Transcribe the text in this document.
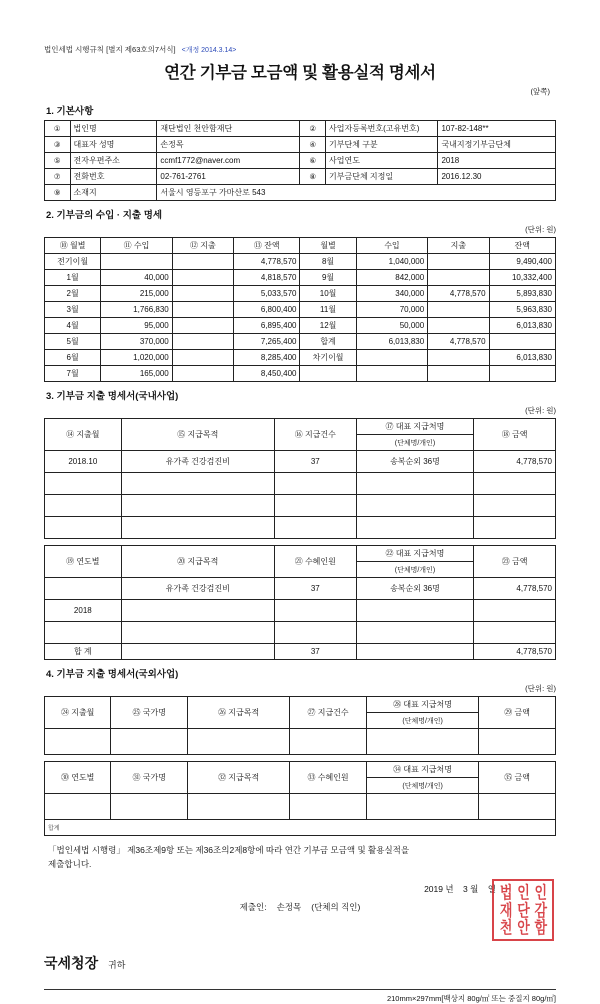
법인세법 시행규칙 [별지 제63호의7서식] <개정 2014.3.14>
연간 기부금 모금액 및 활용실적 명세서
(앞쪽)
1. 기본사항
①	법인명	재단법인 천안함재단	②	사업자등록번호(고유번호)	107-82-148**
③	대표자 성명	손정목	④	기부단체 구분	국내지정기부금단체
⑤	전자우편주소	ccmf1772@naver.com	⑥	사업연도	2018
⑦	전화번호	02-761-2761	⑧	기부금단체 지정일	2016.12.30
⑨	소재지	서울시 영등포구 가마산로 543			
2. 기부금의 수입 · 지출 명세
(단위: 원)
⑩ 월별	⑪ 수입	⑫ 지출	⑬ 잔액	월별	수입	지출	잔액
전기이월			4,778,570	8월	1,040,000		9,490,400
1월	40,000		4,818,570	9월	842,000		10,332,400
2월	215,000		5,033,570	10월	340,000	4,778,570	5,893,830
3월	1,766,830		6,800,400	11월	70,000		5,963,830
4월	95,000		6,895,400	12월	50,000		6,013,830
5월	370,000		7,265,400	합계	6,013,830	4,778,570	
6월	1,020,000		8,285,400	차기이월			6,013,830
7월	165,000		8,450,400				
3. 기부금 지출 명세서(국내사업)
(단위: 원)
⑭ 지출월	⑮ 지급목적	⑯ 지급건수	⑰ 대표 지급처명	⑱ 금액
			(단체명/개인)	
2018.10	유가족 건강검진비	37	송복순외 36명	4,778,570

⑲ 연도별	⑳ 지급목적	㉑ 수혜인원	㉒ 대표 지급처명	㉓ 금액
			(단체명/개인)	
	유가족 건강검진비	37	송복순외 36명	4,778,570
2018				

합 계		37		4,778,570
4. 기부금 지출 명세서(국외사업)
(단위: 원)
㉔ 지출월	㉕ 국가명	㉖ 지급목적	㉗ 지급건수	㉘ 대표 지급처명	㉙ 금액
				(단체명/개인)	

㉚ 연도별	㉛ 국가명	㉜ 지급목적	㉝ 수혜인원	㉞ 대표 지급처명	㉟ 금액
				(단체명/개인)	

합계					
「법인세법 시행령」 제36조제9항 또는 제36조의2제8항에 따라 연간 기부금 모금액 및 활용실적을
제출합니다.
2019 년 3 월 일
제출인: 손정목 (단체의 직인)
법 인 인
재 단 감
천 안 함
국세청장 귀하
210mm×297mm[백상지 80g/㎡ 또는 중질지 80g/㎡]
